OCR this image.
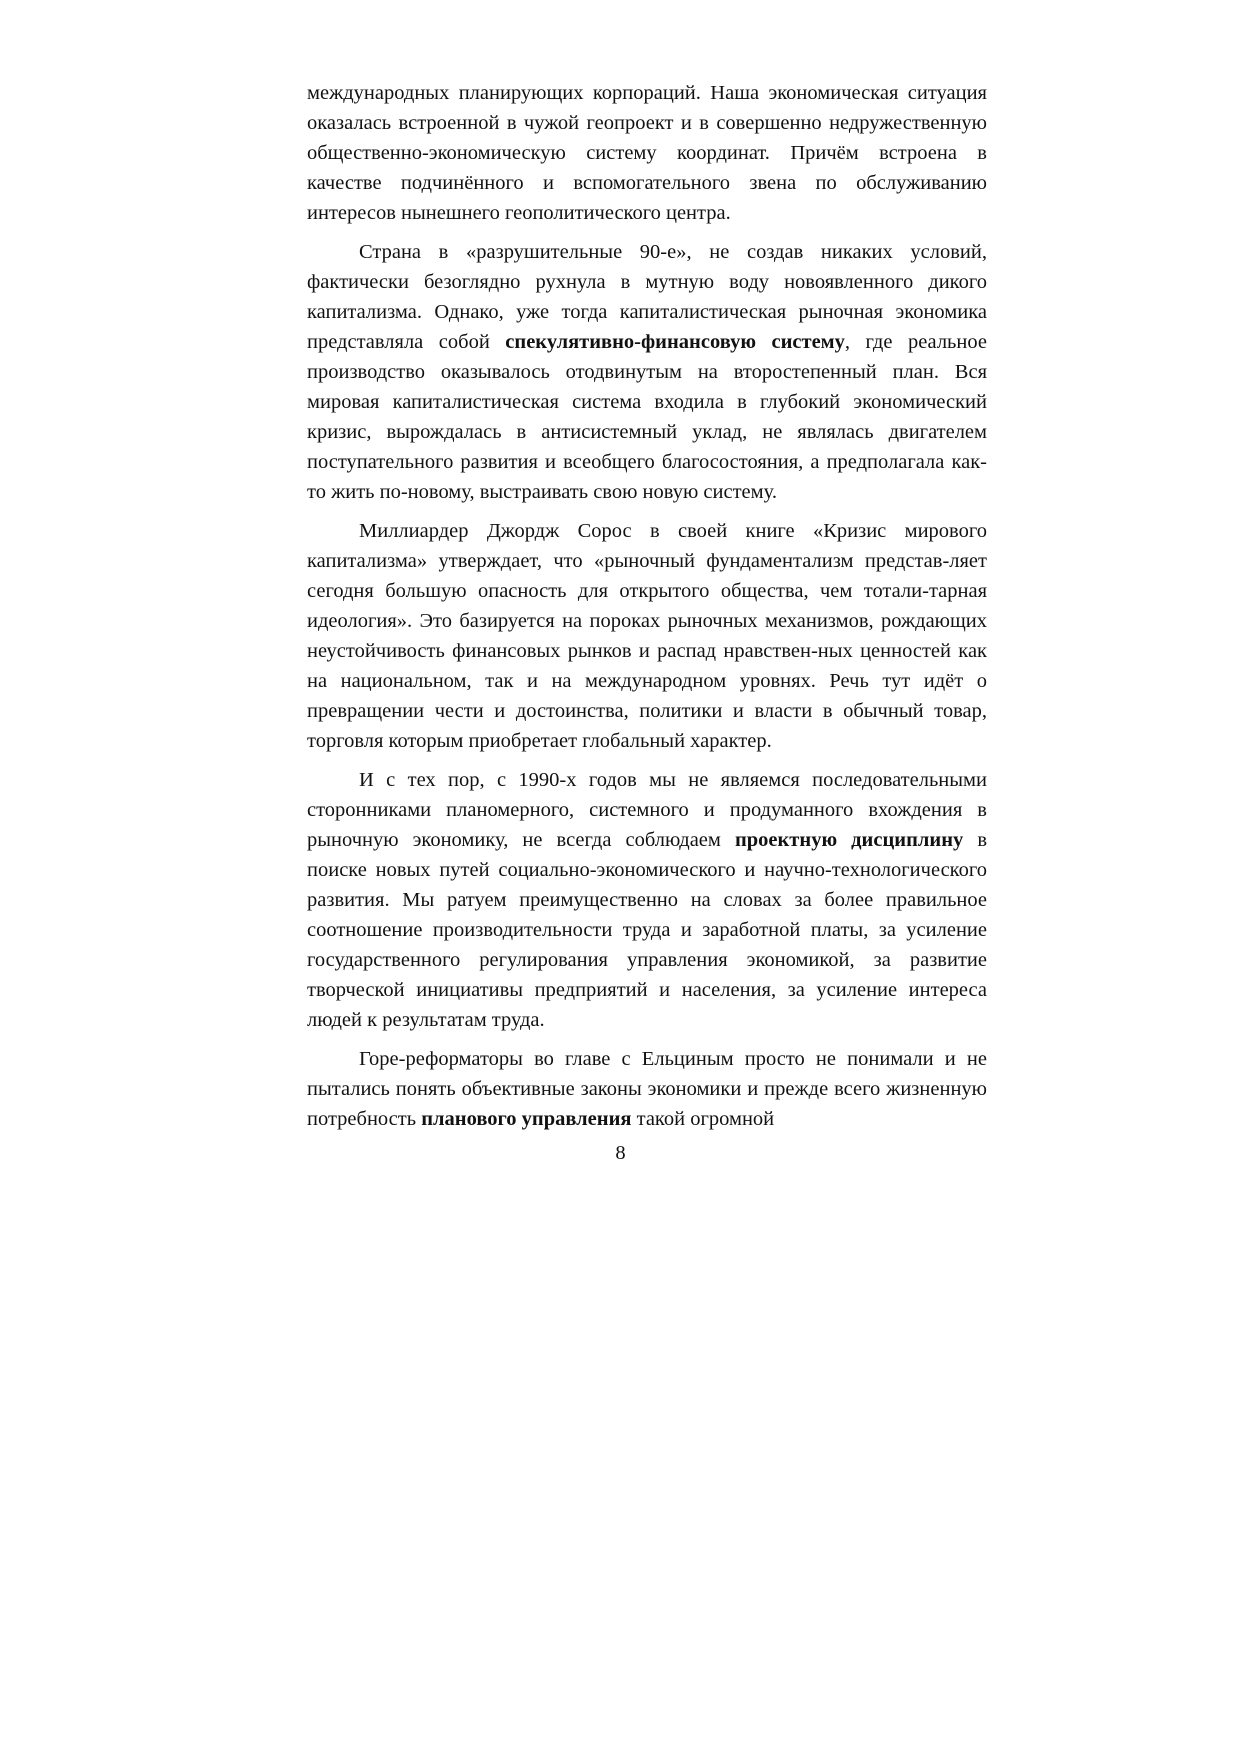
международных планирующих корпораций. Наша экономическая ситуация оказалась встроенной в чужой геопроект и в совершенно недружественную общественно-экономическую систему координат. Причём встроена в качестве подчинённого и вспомогательного звена по обслуживанию интересов нынешнего геополитического центра.

Страна в «разрушительные 90-е», не создав никаких условий, фактически безоглядно рухнула в мутную воду новоявленного дикого капитализма. Однако, уже тогда капиталистическая рыночная экономика представляла собой спекулятивно-финансовую систему, где реальное производство оказывалось отодвинутым на второстепенный план. Вся мировая капиталистическая система входила в глубокий экономический кризис, вырождалась в антисистемный уклад, не являлась двигателем поступательного развития и всеобщего благосостояния, а предполагала как-то жить по-новому, выстраивать свою новую систему.

Миллиардер Джордж Сорос в своей книге «Кризис мирового капитализма» утверждает, что «рыночный фундаментализм представ-ляет сегодня большую опасность для открытого общества, чем тотали-тарная идеология». Это базируется на пороках рыночных механизмов, рождающих неустойчивость финансовых рынков и распад нравствен-ных ценностей как на национальном, так и на международном уровнях. Речь тут идёт о превращении чести и достоинства, политики и власти в обычный товар, торговля которым приобретает глобальный характер.

И с тех пор, с 1990-х годов мы не являемся последовательными сторонниками планомерного, системного и продуманного вхождения в рыночную экономику, не всегда соблюдаем проектную дисциплину в поиске новых путей социально-экономического и научно-технологического развития. Мы ратуем преимущественно на словах за более правильное соотношение производительности труда и заработной платы, за усиление государственного регулирования управления экономикой, за развитие творческой инициативы предприятий и населения, за усиление интереса людей к результатам труда.

Горе-реформаторы во главе с Ельциным просто не понимали и не пытались понять объективные законы экономики и прежде всего жизненную потребность планового управления такой огромной

8
